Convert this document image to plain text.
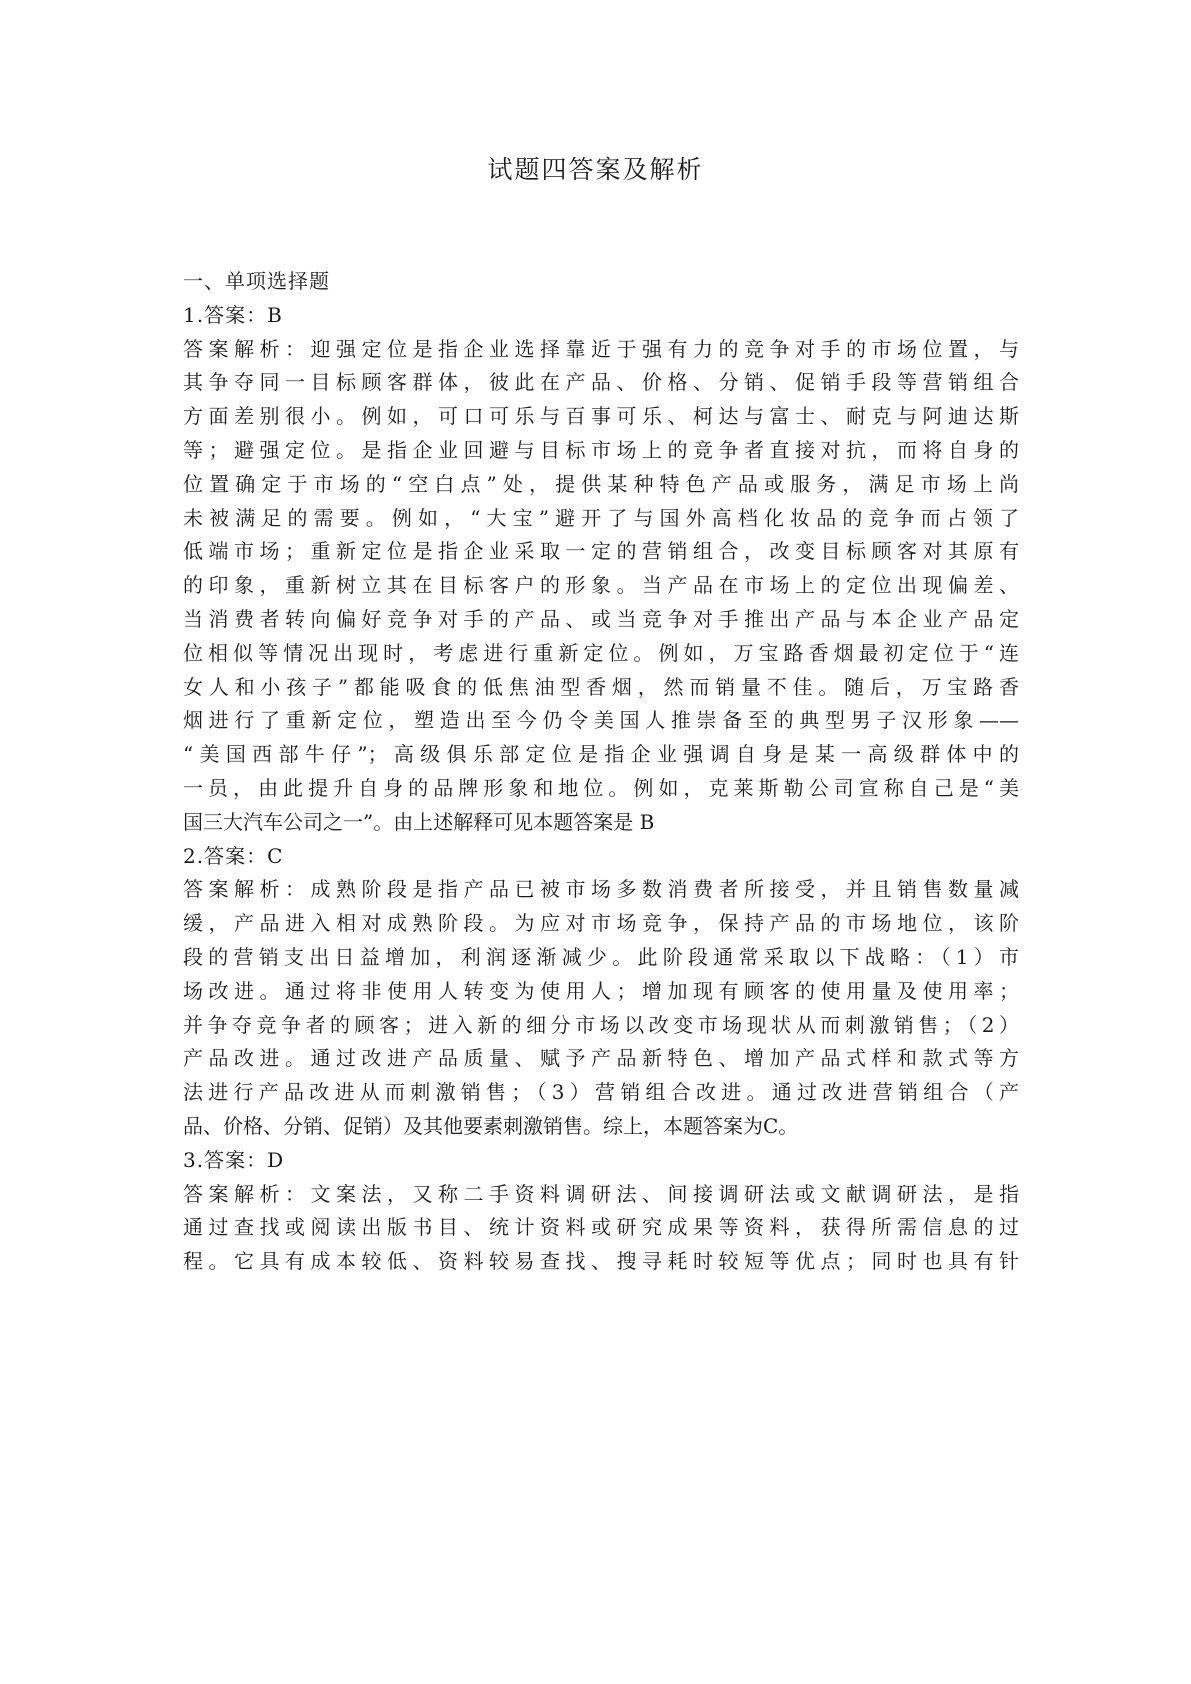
试题四答案及解析
一、单项选择题
1.答案：B
答案解析：迎强定位是指企业选择靠近于强有力的竞争对手的市场位置，与
其争夺同一目标顾客群体，彼此在产品、价格、分销、促销手段等营销组合
方面差别很小。例如，可口可乐与百事可乐、柯达与富士、耐克与阿迪达斯
等；避强定位。是指企业回避与目标市场上的竞争者直接对抗，而将自身的
位置确定于市场的“空白点”处，提供某种特色产品或服务，满足市场上尚
未被满足的需要。例如，“大宝”避开了与国外高档化妆品的竞争而占领了
低端市场；重新定位是指企业采取一定的营销组合，改变目标顾客对其原有
的印象，重新树立其在目标客户的形象。当产品在市场上的定位出现偏差、
当消费者转向偏好竞争对手的产品、或当竞争对手推出产品与本企业产品定
位相似等情况出现时，考虑进行重新定位。例如，万宝路香烟最初定位于“连
女人和小孩子”都能吸食的低焦油型香烟，然而销量不佳。随后，万宝路香
烟进行了重新定位，塑造出至今仍令美国人推崇备至的典型男子汉形象——
“美国西部牛仔”；高级俱乐部定位是指企业强调自身是某一高级群体中的
一员，由此提升自身的品牌形象和地位。例如，克莱斯勒公司宣称自己是“美
国三大汽车公司之一”。由上述解释可见本题答案是 B
2.答案：C
答案解析：成熟阶段是指产品已被市场多数消费者所接受，并且销售数量减
缓，产品进入相对成熟阶段。为应对市场竞争，保持产品的市场地位，该阶
段的营销支出日益增加，利润逐渐减少。此阶段通常采取以下战略：（1）市
场改进。通过将非使用人转变为使用人；增加现有顾客的使用量及使用率；
并争夺竞争者的顾客；进入新的细分市场以改变市场现状从而刺激销售；（2）
产品改进。通过改进产品质量、赋予产品新特色、增加产品式样和款式等方
法进行产品改进从而刺激销售；（3）营销组合改进。通过改进营销组合（产
品、价格、分销、促销）及其他要素刺激销售。综上，本题答案为C。
3.答案：D
答案解析：文案法，又称二手资料调研法、间接调研法或文献调研法，是指
通过查找或阅读出版书目、统计资料或研究成果等资料，获得所需信息的过
程。它具有成本较低、资料较易查找、搜寻耗时较短等优点；同时也具有针
